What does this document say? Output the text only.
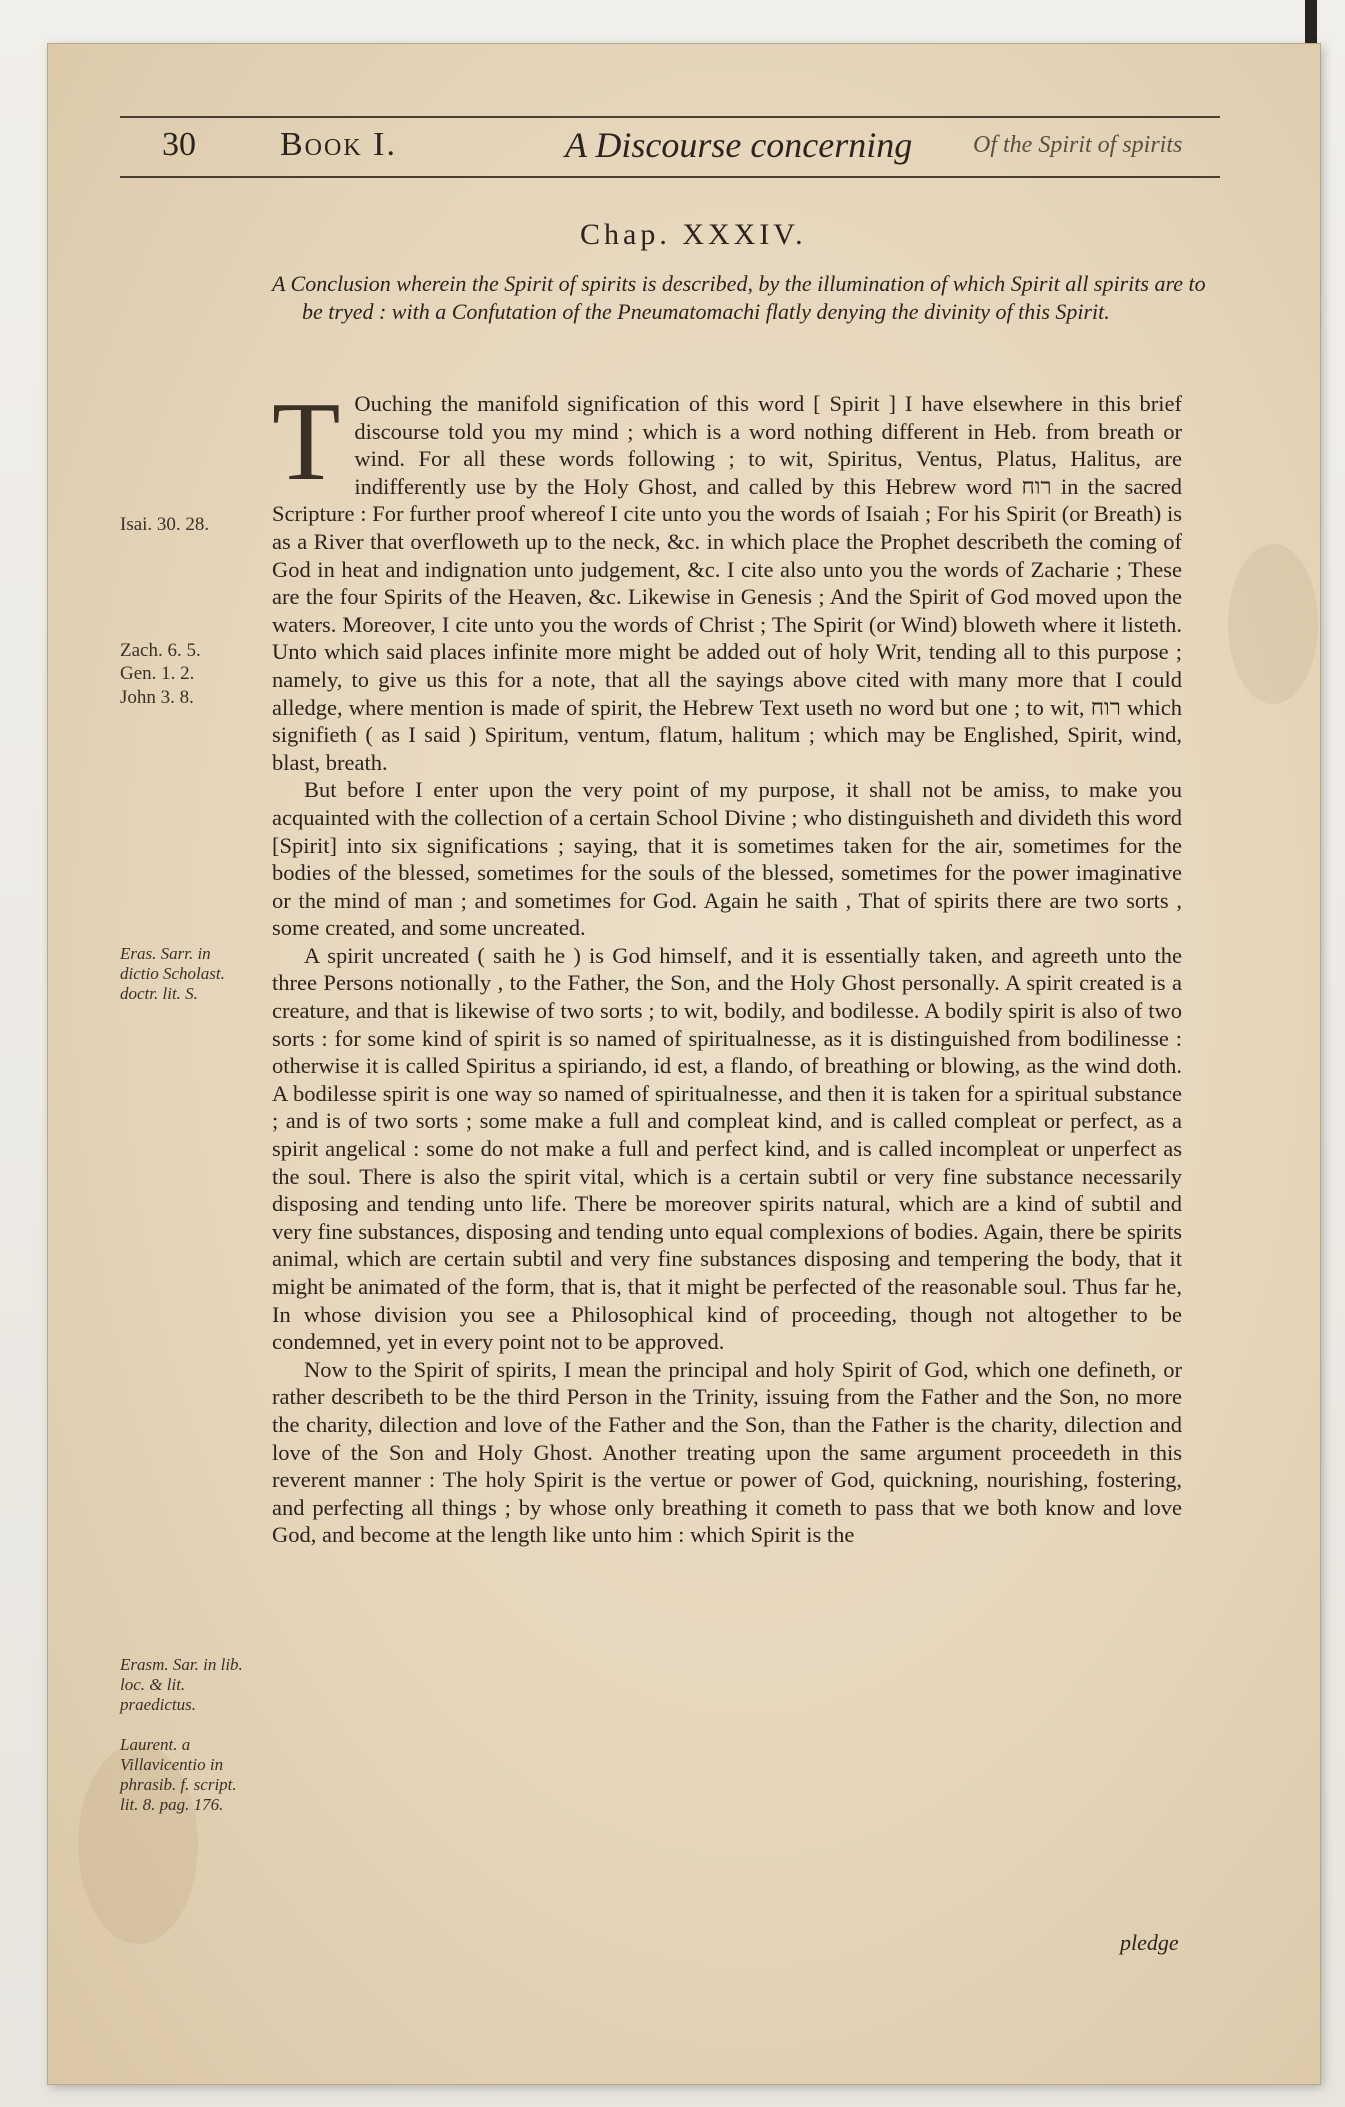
30 Book I.	A Discourse concerning	Of the Spirit of spirits
Chap. XXXIV.
A Conclusion wherein the Spirit of spirits is described, by the illumination of which Spirit all spirits are to be tryed : with a Confutation of the Pneumatomachi flatly denying the divinity of this Spirit.
Isai. 30. 28.
Zach. 6. 5.
Gen. 1. 2.
John 3. 8.
Eras. Sarr. in dictio Scholast. doctr. lit. S.
Erasm. Sar. in lib. loc. & lit. praedictus.
Laurent. a Villavicentio in phrasib. f. script. lit. 8. pag. 176.

T Ouching the manifold signification of this word [ Spirit ] I have elsewhere in this brief discourse told you my mind ; which is a word nothing different in Heb. from breath or wind. For all these words following ; to wit, Spiritus, Ventus, Platus, Halitus, are indifferently use by the Holy Ghost, and called by this Hebrew word רוח in the sacred Scripture : For further proof whereof I cite unto you the words of Isaiah ; For his Spirit (or Breath) is as a River that overfloweth up to the neck, &c. in which place the Prophet describeth the coming of God in heat and indignation unto judgement, &c. I cite also unto you the words of Zacharie ; These are the four Spirits of the Heaven, &c. Likewise in Genesis ; And the Spirit of God moved upon the waters. Moreover, I cite unto you the words of Christ ; The Spirit (or Wind) bloweth where it listeth. Unto which said places infinite more might be added out of holy Writ, tending all to this purpose ; namely, to give us this for a note, that all the sayings above cited with many more that I could alledge, where mention is made of spirit, the Hebrew Text useth no word but one ; to wit, רוח which signifieth ( as I said ) Spiritum, ventum, flatum, halitum ; which may be Englished, Spirit, wind, blast, breath.

But before I enter upon the very point of my purpose, it shall not be amiss, to make you acquainted with the collection of a certain School Divine ; who distinguisheth and divideth this word [Spirit] into six significations ; saying, that it is sometimes taken for the air, sometimes for the bodies of the blessed, sometimes for the souls of the blessed, sometimes for the power imaginative or the mind of man ; and sometimes for God. Again he saith , That of spirits there are two sorts , some created, and some uncreated.

A spirit uncreated ( saith he ) is God himself, and it is essentially taken, and agreeth unto the three Persons notionally , to the Father, the Son, and the Holy Ghost personally. A spirit created is a creature, and that is likewise of two sorts ; to wit, bodily, and bodilesse. A bodily spirit is also of two sorts : for some kind of spirit is so named of spiritualnesse, as it is distinguished from bodilinesse : otherwise it is called Spiritus a spiriando, id est, a flando, of breathing or blowing, as the wind doth. A bodilesse spirit is one way so named of spiritualnesse, and then it is taken for a spiritual substance ; and is of two sorts ; some make a full and compleat kind, and is called compleat or perfect, as a spirit angelical : some do not make a full and perfect kind, and is called incompleat or unperfect as the soul. There is also the spirit vital, which is a certain subtil or very fine substance necessarily disposing and tending unto life. There be moreover spirits natural, which are a kind of subtil and very fine substances, disposing and tending unto equal complexions of bodies. Again, there be spirits animal, which are certain subtil and very fine substances disposing and tempering the body, that it might be animated of the form, that is, that it might be perfected of the reasonable soul. Thus far he, In whose division you see a Philosophical kind of proceeding, though not altogether to be condemned, yet in every point not to be approved.

Now to the Spirit of spirits, I mean the principal and holy Spirit of God, which one defineth, or rather describeth to be the third Person in the Trinity, issuing from the Father and the Son, no more the charity, dilection and love of the Father and the Son, than the Father is the charity, dilection and love of the Son and Holy Ghost. Another treating upon the same argument proceedeth in this reverent manner : The holy Spirit is the vertue or power of God, quickning, nourishing, fostering, and perfecting all things ; by whose only breathing it cometh to pass that we both know and love God, and become at the length like unto him : which Spirit is the

pledge
